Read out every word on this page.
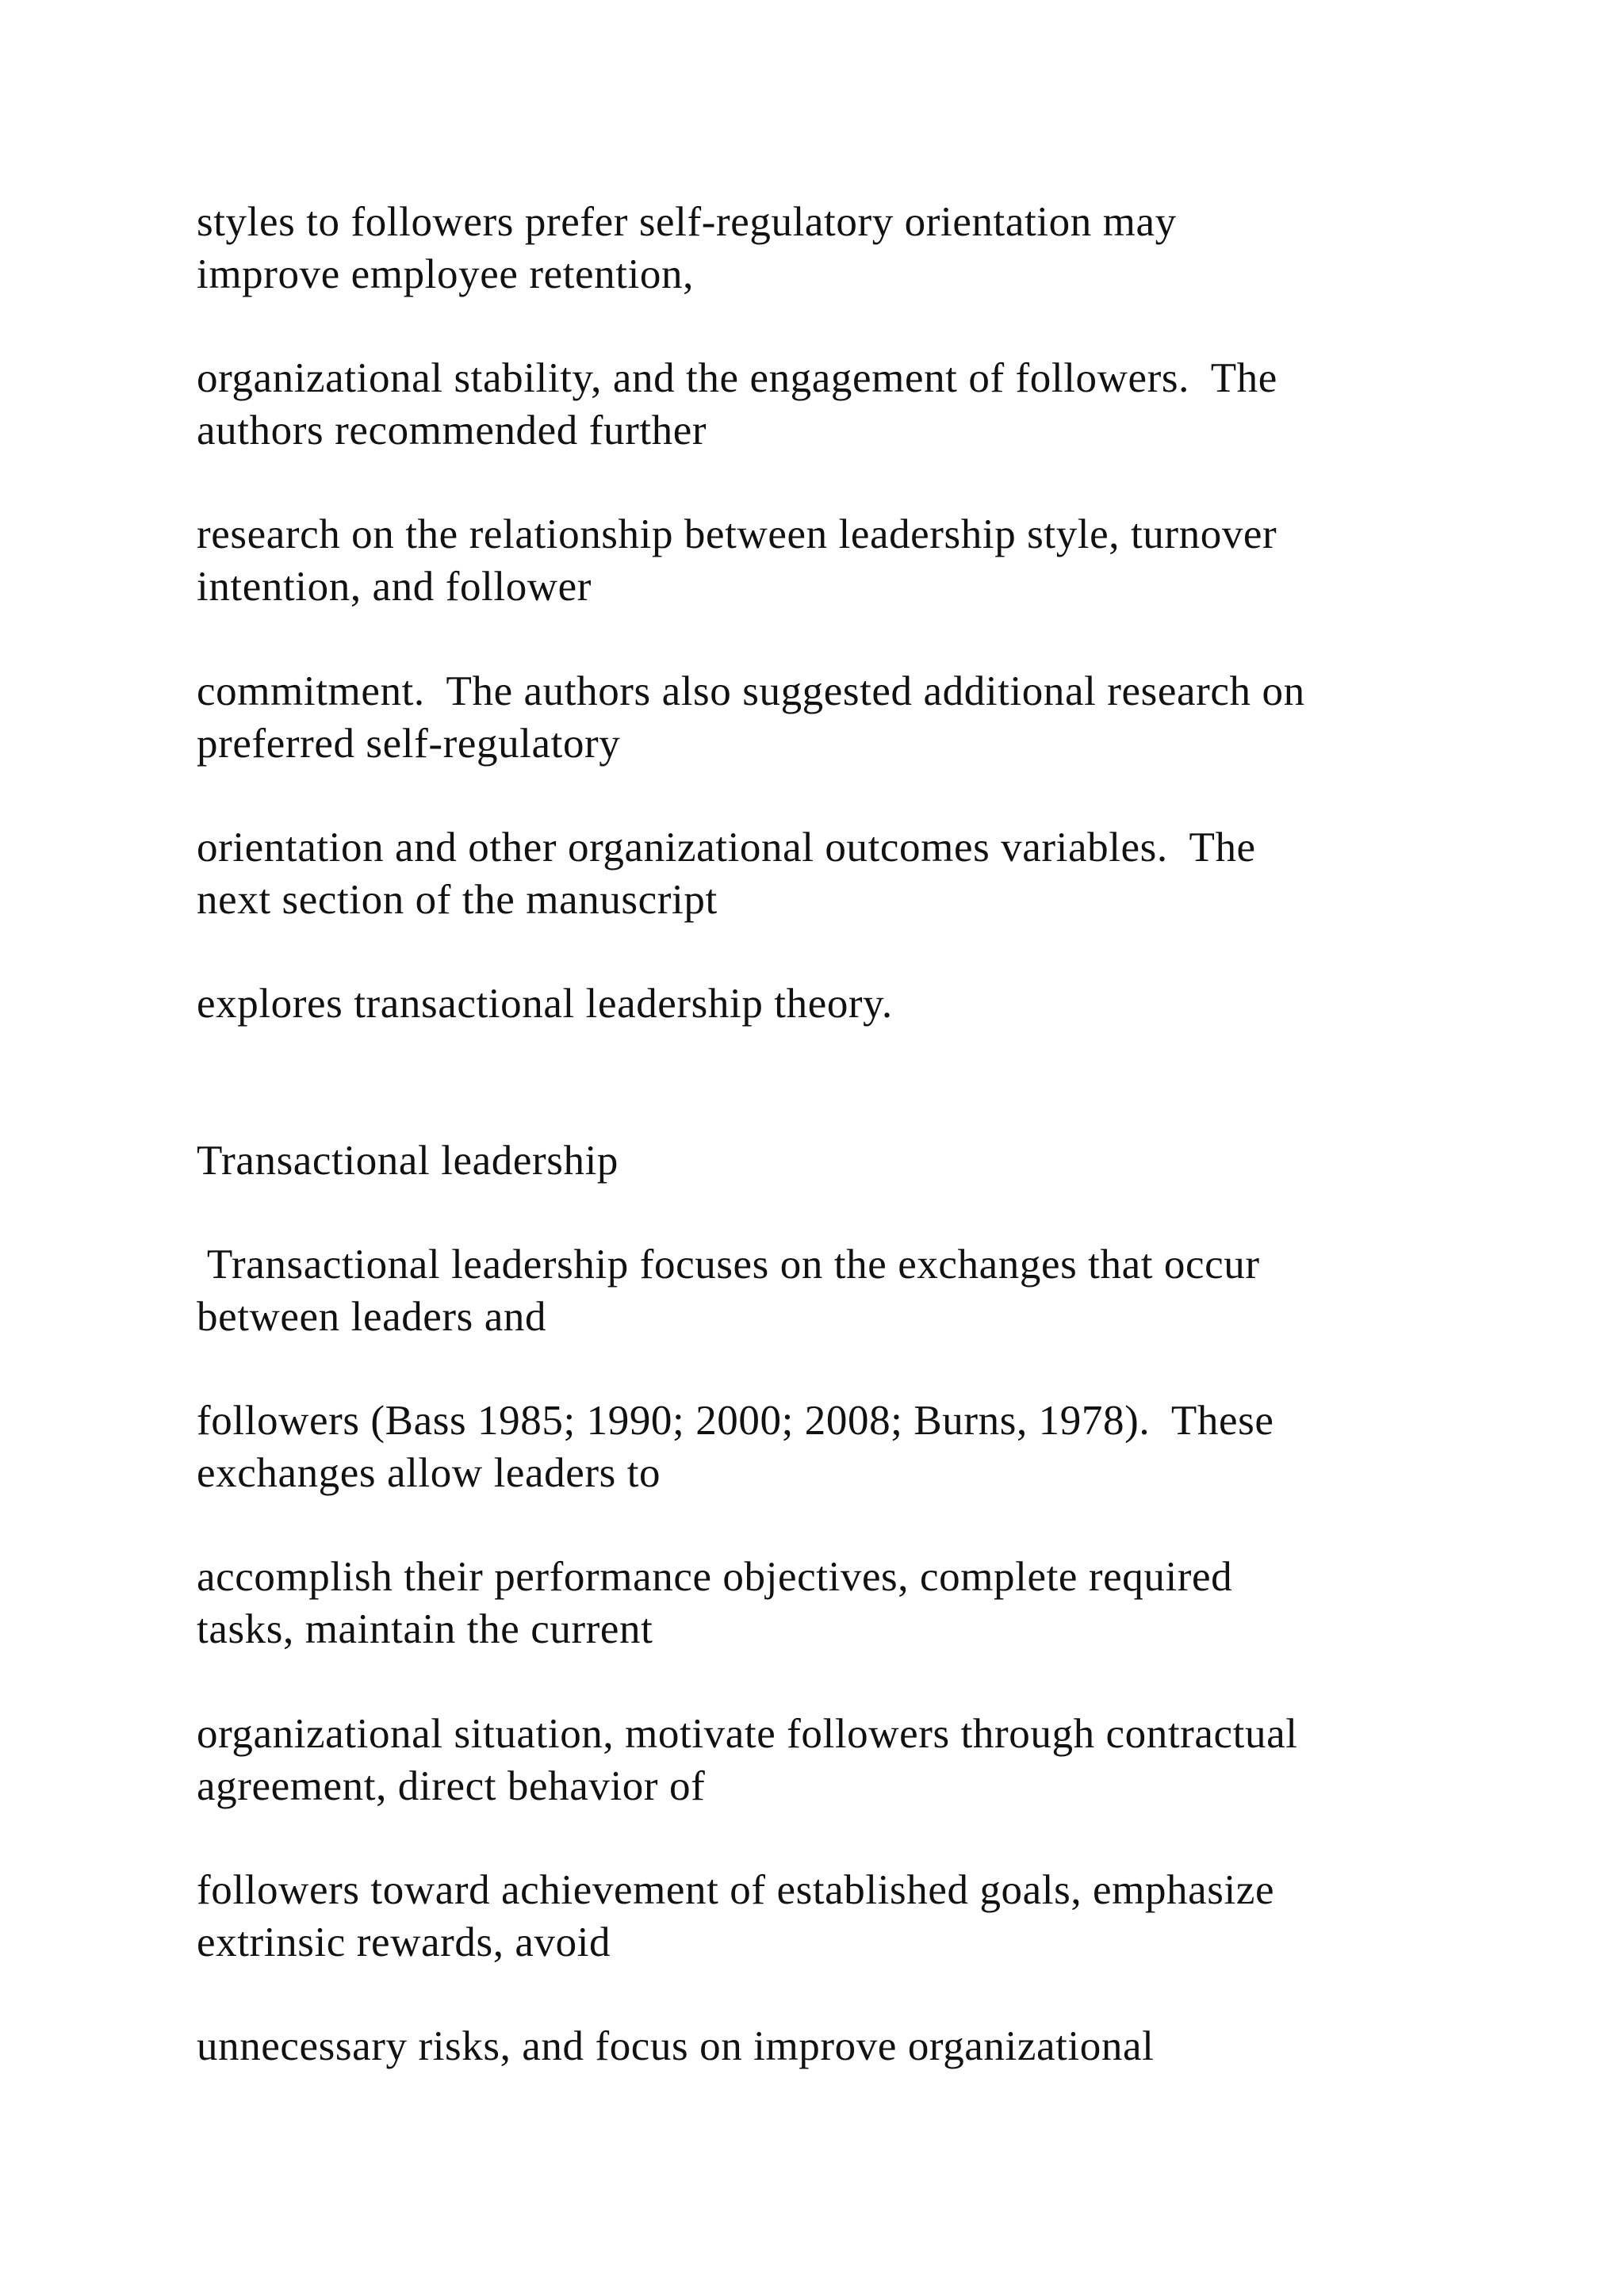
styles to followers prefer self-regulatory orientation may

improve employee retention,

organizational stability, and the engagement of followers.  The

authors recommended further

research on the relationship between leadership style, turnover

intention, and follower

commitment.  The authors also suggested additional research on

preferred self-regulatory

orientation and other organizational outcomes variables.  The

next section of the manuscript

explores transactional leadership theory.

Transactional leadership

Transactional leadership focuses on the exchanges that occur

between leaders and

followers (Bass 1985; 1990; 2000; 2008; Burns, 1978).  These

exchanges allow leaders to

accomplish their performance objectives, complete required

tasks, maintain the current

organizational situation, motivate followers through contractual

agreement, direct behavior of

followers toward achievement of established goals, emphasize

extrinsic rewards, avoid

unnecessary risks, and focus on improve organizational
